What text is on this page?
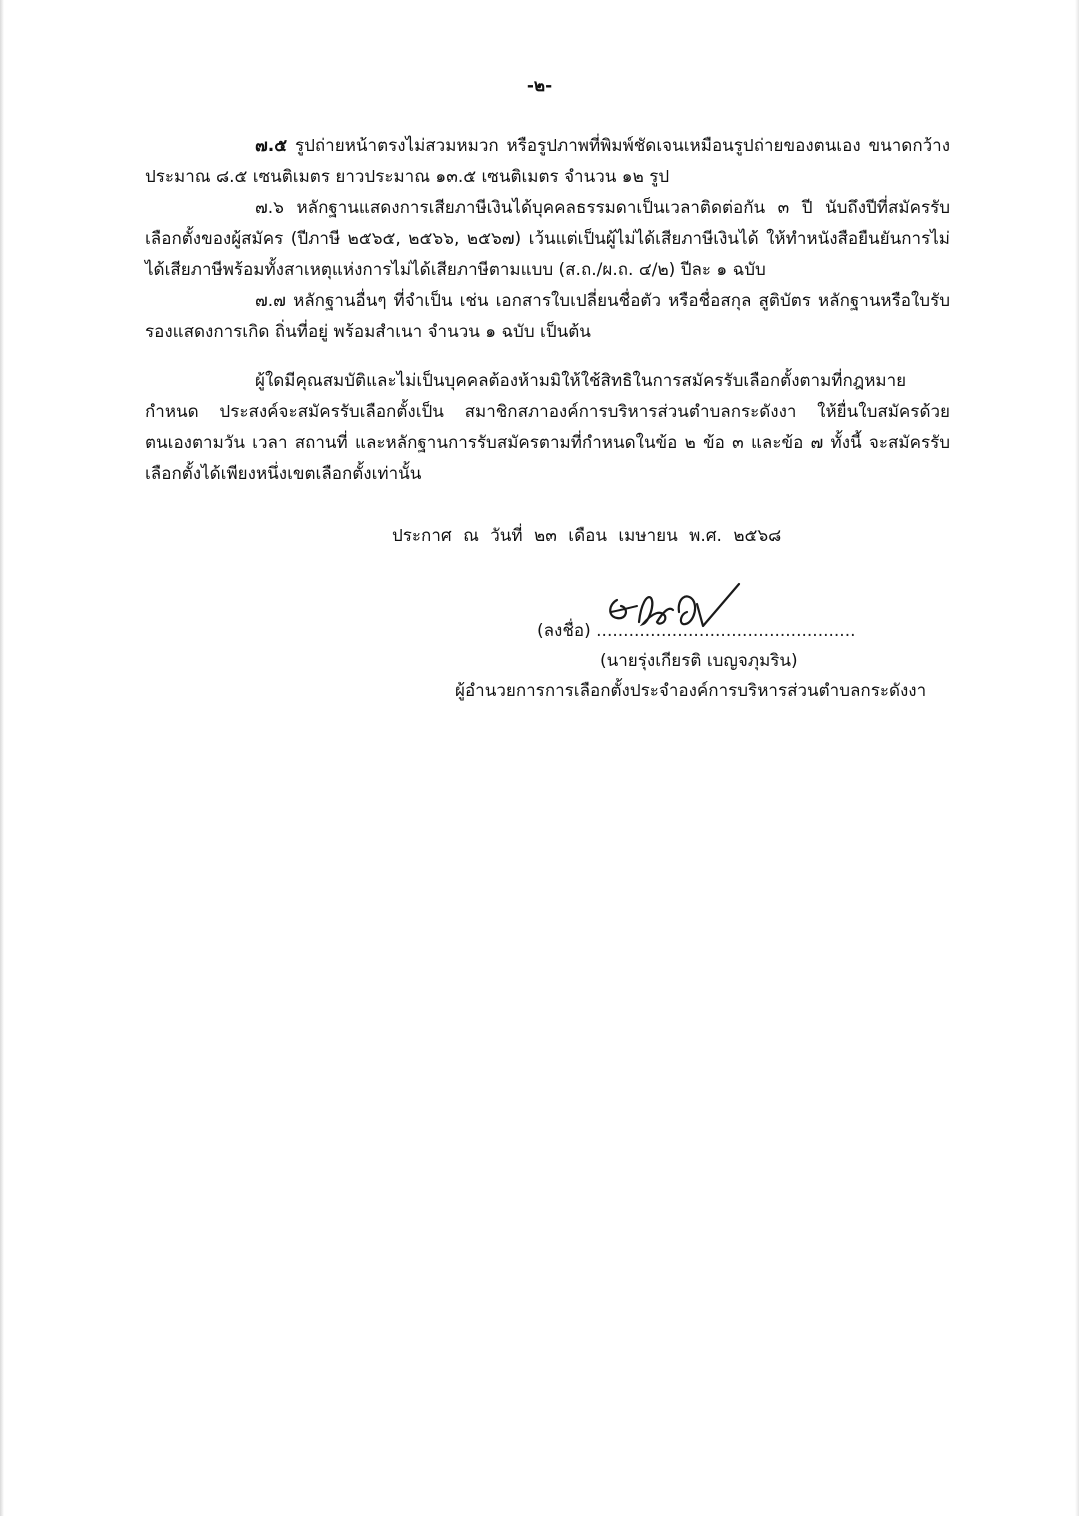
-๒-

๗.๕ รูปถ่ายหน้าตรงไม่สวมหมวก หรือรูปภาพที่พิมพ์ชัดเจนเหมือนรูปถ่ายของตนเอง ขนาดกว้างประมาณ ๘.๕ เซนติเมตร ยาวประมาณ ๑๓.๕ เซนติเมตร จำนวน ๑๒ รูป

๗.๖ หลักฐานแสดงการเสียภาษีเงินได้บุคคลธรรมดาเป็นเวลาติดต่อกัน ๓ ปี นับถึงปีที่สมัครรับเลือกตั้งของผู้สมัคร (ปีภาษี ๒๕๖๕, ๒๕๖๖, ๒๕๖๗) เว้นแต่เป็นผู้ไม่ได้เสียภาษีเงินได้ ให้ทำหนังสือยืนยันการไม่ได้เสียภาษีพร้อมทั้งสาเหตุแห่งการไม่ได้เสียภาษีตามแบบ (ส.ถ./ผ.ถ. ๔/๒) ปีละ ๑ ฉบับ

๗.๗ หลักฐานอื่นๆ ที่จำเป็น เช่น เอกสารใบเปลี่ยนชื่อตัว หรือชื่อสกุล สูติบัตร หลักฐานหรือใบรับรองแสดงการเกิด ถิ่นที่อยู่ พร้อมสำเนา จำนวน ๑ ฉบับ เป็นต้น

ผู้ใดมีคุณสมบัติและไม่เป็นบุคคลต้องห้ามมิให้ใช้สิทธิในการสมัครรับเลือกตั้งตามที่กฎหมายกำหนด ประสงค์จะสมัครรับเลือกตั้งเป็น สมาชิกสภาองค์การบริหารส่วนตำบลกระดังงา ให้ยื่นใบสมัครด้วยตนเองตามวัน เวลา สถานที่ และหลักฐานการรับสมัครตามที่กำหนดในข้อ ๒ ข้อ ๓ และข้อ ๗ ทั้งนี้ จะสมัครรับเลือกตั้งได้เพียงหนึ่งเขตเลือกตั้งเท่านั้น

ประกาศ ณ วันที่ ๒๓ เดือน เมษายน พ.ศ. ๒๕๖๘
(ลงชื่อ) ................................................
(นายรุ่งเกียรติ เบญจภุมริน)
ผู้อำนวยการการเลือกตั้งประจำองค์การบริหารส่วนตำบลกระดังงา
